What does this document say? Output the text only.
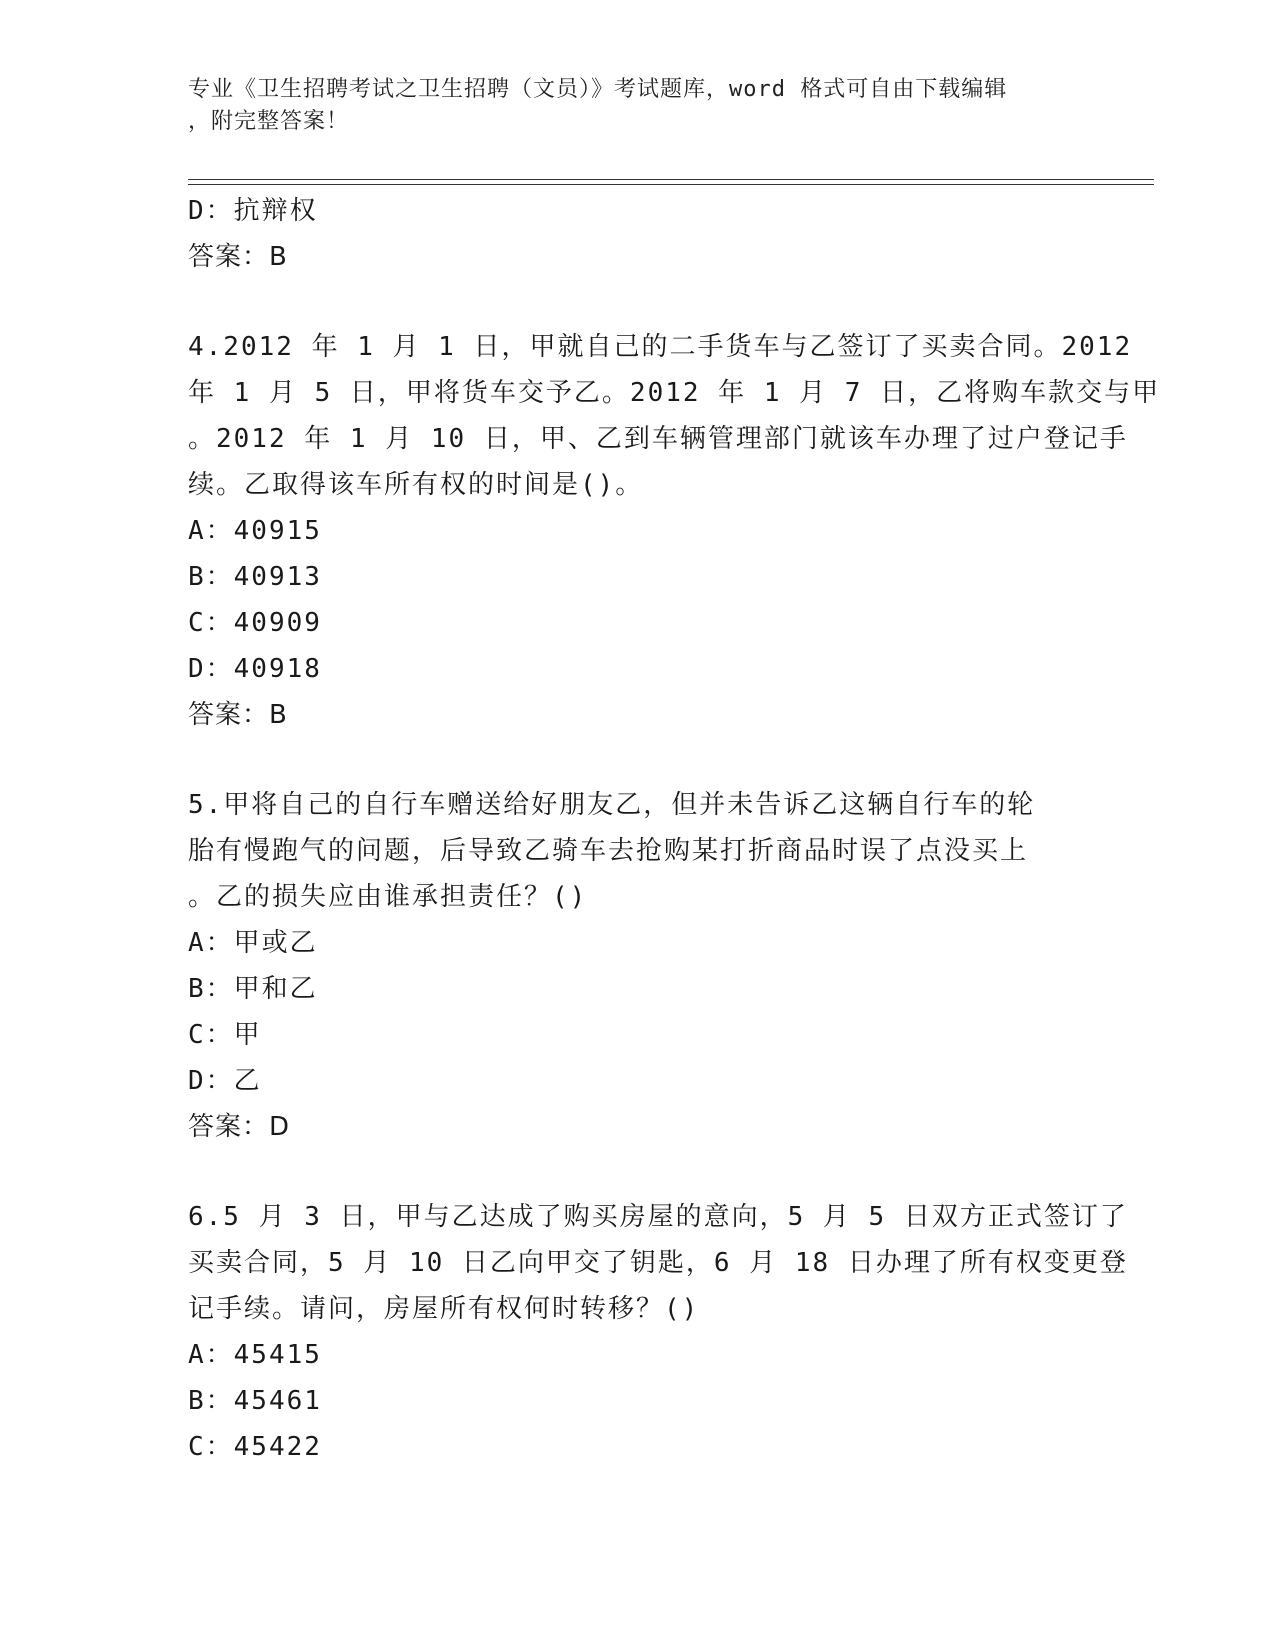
专业《卫生招聘考试之卫生招聘（文员）》考试题库，word 格式可自由下载编辑
，附完整答案！
D：抗辩权
答案：B
4.2012 年 1 月 1 日，甲就自己的二手货车与乙签订了买卖合同。2012
年 1 月 5 日，甲将货车交予乙。2012 年 1 月 7 日，乙将购车款交与甲
。2012 年 1 月 10 日，甲、乙到车辆管理部门就该车办理了过户登记手
续。乙取得该车所有权的时间是()。
A：40915
B：40913
C：40909
D：40918
答案：B
5.甲将自己的自行车赠送给好朋友乙，但并未告诉乙这辆自行车的轮
胎有慢跑气的问题，后导致乙骑车去抢购某打折商品时误了点没买上
。乙的损失应由谁承担责任？()
A：甲或乙
B：甲和乙
C：甲
D：乙
答案：D
6.5 月 3 日，甲与乙达成了购买房屋的意向，5 月 5 日双方正式签订了
买卖合同，5 月 10 日乙向甲交了钥匙，6 月 18 日办理了所有权变更登
记手续。请问，房屋所有权何时转移？()
A：45415
B：45461
C：45422
